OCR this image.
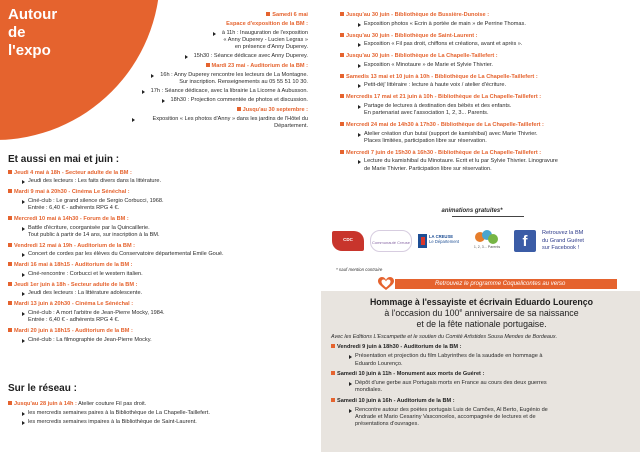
Autour
de
l'expo

Samedi 6 mai

Espace d'exposition de la BM :

à 11h : Inauguration de l'exposition
« Anny Duperey - Lucien Legras »
en présence d'Anny Duperey.
15h30 : Séance dédicace avec Anny Duperey.

Mardi 23 mai - Auditorium de la BM :

16h : Anny Duperey rencontre les lecteurs de La Montagne.
Sur inscription. Renseignements au 05 55 51 10 30.
17h : Séance dédicace, avec la librairie La Licorne à Aubusson.
18h30 : Projection commentée de photos et discussion.

Jusqu'au 30 septembre :

Exposition « Les photos d'Anny » dans les jardins de l'Hôtel du Département.
Et aussi en mai et juin :
Jeudi 4 mai à 18h - Secteur adulte de la BM :
Jeudi des lecteurs : Les faits divers dans la littérature.
Mardi 9 mai à 20h30 - Cinéma Le Sénéchal :
Ciné-club : Le grand silence de Sergio Corbucci, 1968.
Entrée : 6,40 € - adhérents RPG 4 €.
Mercredi 10 mai à 14h30 - Forum de la BM :
Battle d'écriture, coorganisée par la Quincaillerie.
Tout public à partir de 14 ans, sur inscription à la BM.
Vendredi 12 mai à 19h - Auditorium de la BM :
Concert de cordes par les élèves du Conservatoire départemental Emile Goué.
Mardi 16 mai à 18h15 - Auditorium de la BM :
Ciné-rencontre : Corbucci et le western italien.
Jeudi 1er juin à 18h - Secteur adulte de la BM :
Jeudi des lecteurs : La littérature adolescente.
Mardi 13 juin à 20h30 - Cinéma Le Sénéchal :
Ciné-club : A mort l'arbitre de Jean-Pierre Mocky, 1984.
Entrée : 6,40 € - adhérents RPG 4 €.
Mardi 20 juin à 18h15 - Auditorium de la BM :
Ciné-club : La filmographie de Jean-Pierre Mocky.
Sur le réseau :
Jusqu'au 28 juin à 14h : Atelier couture Fil pas droit.
les mercredis semaines paires à la Bibliothèque de La Chapelle-Taillefert.
les mercredis semaines impaires à la Bibliothèque de Saint-Laurent.
Jusqu'au 30 juin - Bibliothèque de Bussière-Dunoise :
Exposition photos « Ecrin à portée de main » de Perrine Thomas.
Jusqu'au 30 juin - Bibliothèque de Saint-Laurent :
Exposition « Fil pas droit, chiffons et créations, avant et après ».
Jusqu'au 30 juin - Bibliothèque de La Chapelle-Taillefert :
Exposition « Minotaure » de Marie et Sylvie Thivrier.
Samedis 13 mai et 10 juin à 10h - Bibliothèque de La Chapelle-Taillefert :
Petit-déj' littéraire : lecture à haute voix / atelier d'écriture.
Mercredis 17 mai et 21 juin à 10h - Bibliothèque de La Chapelle-Taillefert :
Partage de lectures à destination des bébés et des enfants.
En partenariat avec l'association 1, 2, 3... Parents.
Mercredi 24 mai de 14h30 à 17h30 - Bibliothèque de La Chapelle-Taillefert :
Atelier création d'un butaï (support de kamishibaï) avec Marie Thivrier.
Places limitées, participation libre sur réservation.
Mercredi 7 juin de 15h30 à 16h30 - Bibliothèque de La Chapelle-Taillefert :
Lecture du kamishibaï du Minotaure. Ecrit et lu par Sylvie Thivrier. Linogravure
de Marie Thivrier. Participation libre sur réservation.
animations gratuites*
CDC
Communauté Creuse
LA CREUSE
Le Département
1, 2, 3... Parents	f	Retrouvez la BM
du Grand Guéret
sur Facebook !
* sauf mention contraire
Retrouvez le programme Coquelicontes au verso
Hommage à l'essayiste et écrivain Eduardo Lourenço
à l'occasion du 100e anniversaire de sa naissance
et de la fête nationale portugaise.
Avec les Editions L'Escampette et le soutien du Comité Artistides Sousa Mendes de Bordeaux.
Vendredi 9 juin à 18h30 - Auditorium de la BM :
Présentation et projection du film Labyrinthes de la saudade en hommage à
Eduardo Lourenço.
Samedi 10 juin à 11h - Monument aux morts de Guéret :
Dépôt d'une gerbe aux Portugais morts en France au cours des deux guerres
mondiales.
Samedi 10 juin à 16h - Auditorium de la BM :
Rencontre autour des poètes portugais Luis de Camões, Al Berto, Eugénio de
Andrade et Mario Cesariny Vasconcelos, accompagnée de lectures et de
présentations d'ouvrages.
